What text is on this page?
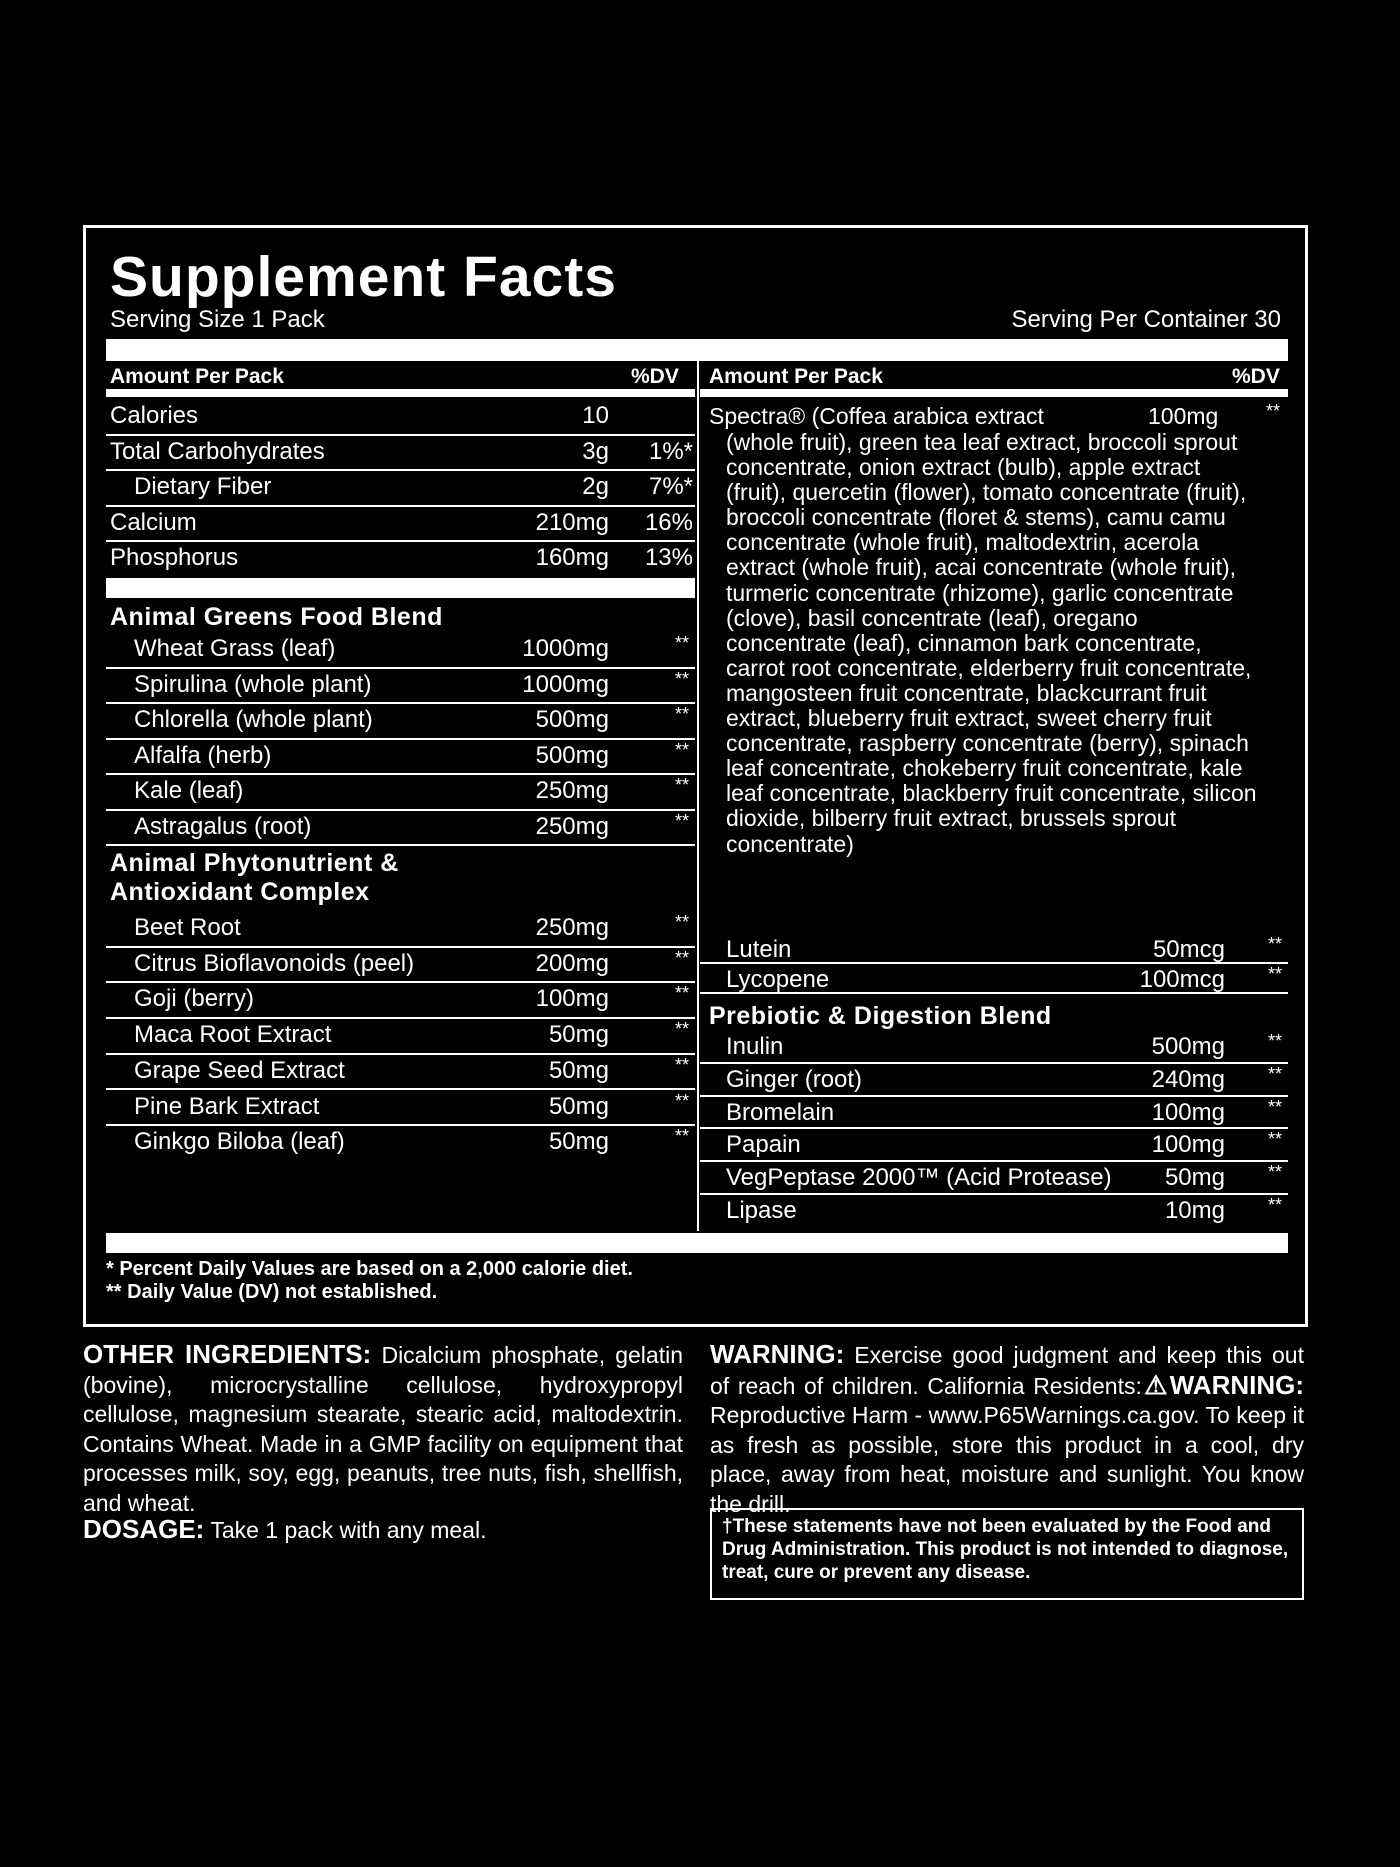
Supplement Facts
Serving Size 1 Pack	Serving Per Container 30
Amount Per Pack	%DV Amount Per Pack	%DV
Calories	10
Total Carbohydrates	3g 1%*
Dietary Fiber	2g 7%*
Calcium	210mg 16%
Phosphorus	160mg 13%
Animal Greens Food Blend
Wheat Grass (leaf)	1000mg	**
Spirulina (whole plant)	1000mg	**
Chlorella (whole plant)	500mg	**
Alfalfa (herb)	500mg	**
Kale (leaf)	250mg	**
Astragalus (root)	250mg	**
Animal Phytonutrient &
Antioxidant Complex
Beet Root	250mg	**
Citrus Bioflavonoids (peel)	200mg	**
Goji (berry)	100mg	**
Maca Root Extract	50mg	**
Grape Seed Extract	50mg	**
Pine Bark Extract	50mg	**
Ginkgo Biloba (leaf)	50mg	**
Spectra® (Coffea arabica extract	100mg	**
(whole fruit), green tea leaf extract, broccoli sprout concentrate, onion extract (bulb), apple extract (fruit), quercetin (flower), tomato concentrate (fruit), broccoli concentrate (floret & stems), camu camu concentrate (whole fruit), maltodextrin, acerola extract (whole fruit), acai concentrate (whole fruit), turmeric concentrate (rhizome), garlic concentrate (clove), basil concentrate (leaf), oregano concentrate (leaf), cinnamon bark concentrate, carrot root concentrate, elderberry fruit concentrate, mangosteen fruit concentrate, blackcurrant fruit extract, blueberry fruit extract, sweet cherry fruit concentrate, raspberry concentrate (berry), spinach leaf concentrate, chokeberry fruit concentrate, kale leaf concentrate, blackberry fruit concentrate, silicon dioxide, bilberry fruit extract, brussels sprout concentrate)
Lutein	50mcg **
Lycopene	100mcg **
Prebiotic & Digestion Blend
Inulin	500mg **
Ginger (root)	240mg **
Bromelain	100mg **
Papain	100mg **
VegPeptase 2000™ (Acid Protease) 50mg **
Lipase	10mg **
* Percent Daily Values are based on a 2,000 calorie diet.
** Daily Value (DV) not established.
OTHER INGREDIENTS: Dicalcium phosphate, gelatin (bovine), microcrystalline cellulose, hydroxypropyl cellulose, magnesium stearate, stearic acid, maltodextrin. Contains Wheat. Made in a GMP facility on equipment that processes milk, soy, egg, peanuts, tree nuts, fish, shellfish, and wheat.
DOSAGE: Take 1 pack with any meal.
WARNING: Exercise good judgment and keep this out of reach of children. California Residents:⚠WARNING: Reproductive Harm - www.P65Warnings.ca.gov. To keep it as fresh as possible, store this product in a cool, dry place, away from heat, moisture and sunlight. You know the drill.
†These statements have not been evaluated by the Food and Drug Administration. This product is not intended to diagnose, treat, cure or prevent any disease.
